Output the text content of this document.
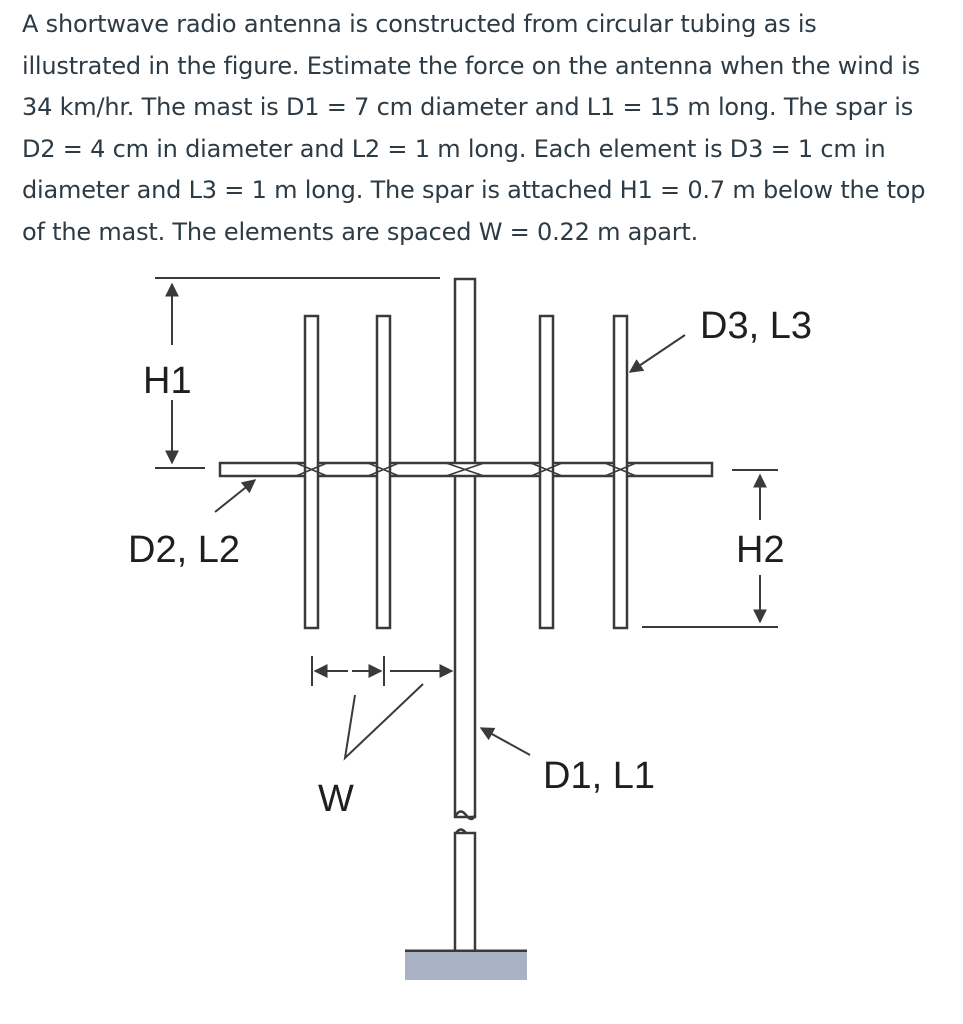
A shortwave radio antenna is constructed from circular tubing as is
illustrated in the figure. Estimate the force on the antenna when the wind is
34 km/hr. The mast is D1 = 7 cm diameter and L1 = 15 m long. The spar is
D2 = 4 cm in diameter and L2 = 1 m long. Each element is D3 = 1 cm in
diameter and L3 = 1 m long. The spar is attached H1 = 0.7 m below the top
of the mast. The elements are spaced W = 0.22 m apart.
H1
D3, L3
D2, L2	H2
W
D1, L1
